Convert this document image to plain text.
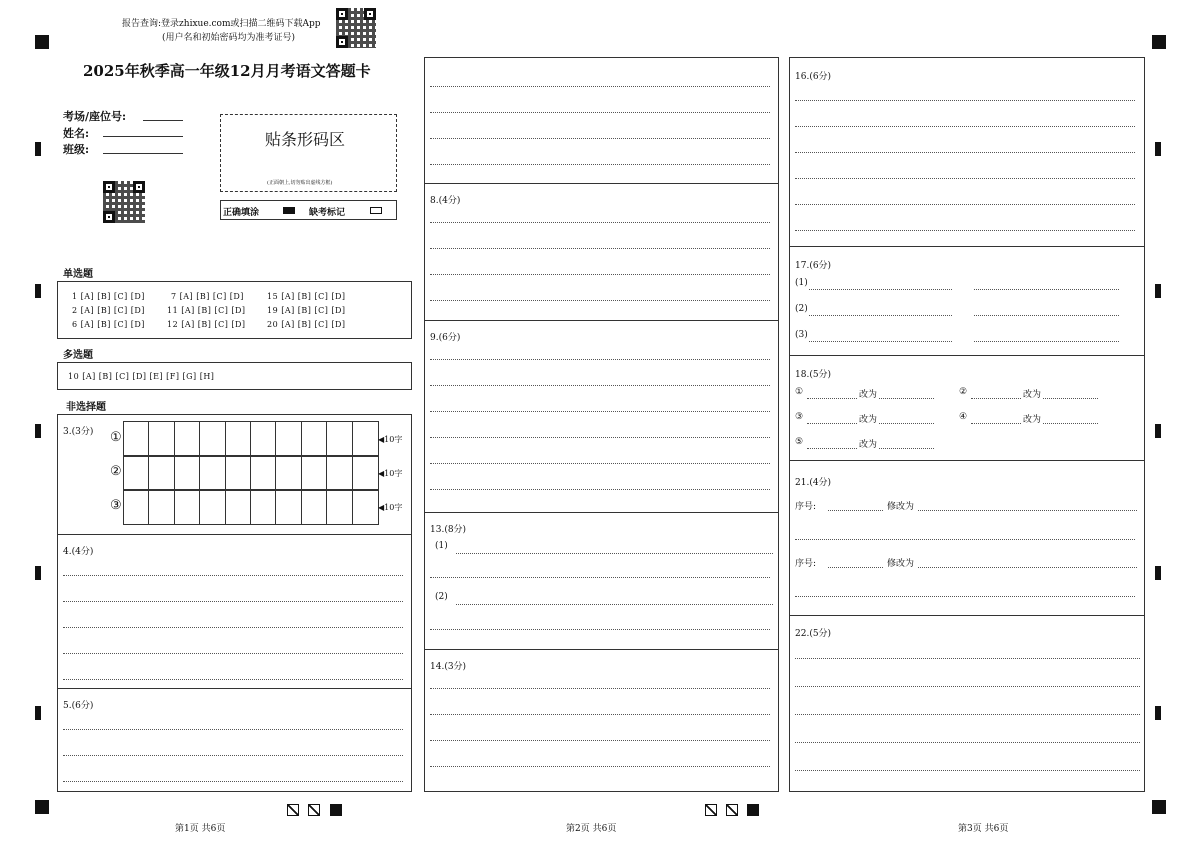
报告查询:登录zhixue.com或扫描二维码下载App
(用户名和初始密码均为准考证号)
2025年秋季高一年级12月月考语文答题卡
考场/座位号:
姓名:
班级:
贴条形码区
(正面朝上,切勿贴出虚线方框)
正确填涂	缺考标记
单选题
1 [A] [B] [C] [D]	7 [A] [B] [C] [D]	15 [A] [B] [C] [D]
2 [A] [B] [C] [D]	11 [A] [B] [C] [D]	19 [A] [B] [C] [D]
6 [A] [B] [C] [D]	12 [A] [B] [C] [D]	20 [A] [B] [C] [D]
多选题
10 [A] [B] [C] [D] [E] [F] [G] [H]
非选择题
3.(3分) ①
②
③
◀10字
◀10字
◀10字
4.(4分)
5.(6分)
第1页 共6页
8.(4分)
9.(6分)
13.(8分)
(1)
(2)
14.(3分)
第2页 共6页
16.(6分)
17.(6分)
(1)
(2)
(3)
18.(5分)
①	改为	②	改为
③	改为	④	改为
⑤	改为
21.(4分)
序号:	修改为
序号:	修改为
22.(5分)
第3页 共6页
